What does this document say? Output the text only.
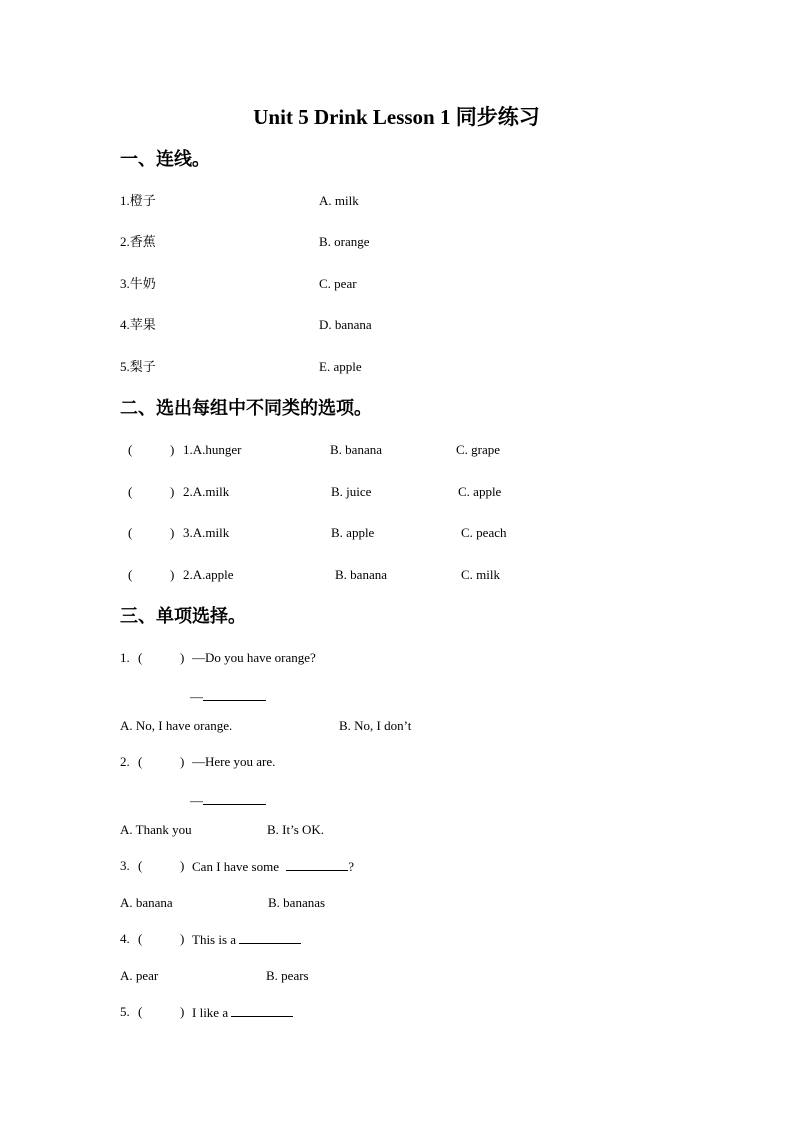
Unit 5 Drink Lesson 1 同步练习
一、连线。
1.橙子	A. milk
2.香蕉	B. orange
3.牛奶	C. pear
4.苹果	D. banana
5.梨子	E. apple
二、选出每组中不同类的选项。
(	) 1.A.hunger	B. banana	C. grape
(	) 2.A.milk	B. juice	C. apple
(	) 3.A.milk	B. apple	C. peach
(	) 2.A.apple	B. banana	C. milk
三、单项选择。
1. (	) —Do you have orange?
—
A. No, I have orange.	B. No, I don’t
2. (	) —Here you are.
—
A. Thank you	B. It’s OK.
3. (	) Can I have some	?
A. banana	B. bananas
4. (	) This is a
A. pear	B. pears
5. (	) I like a
